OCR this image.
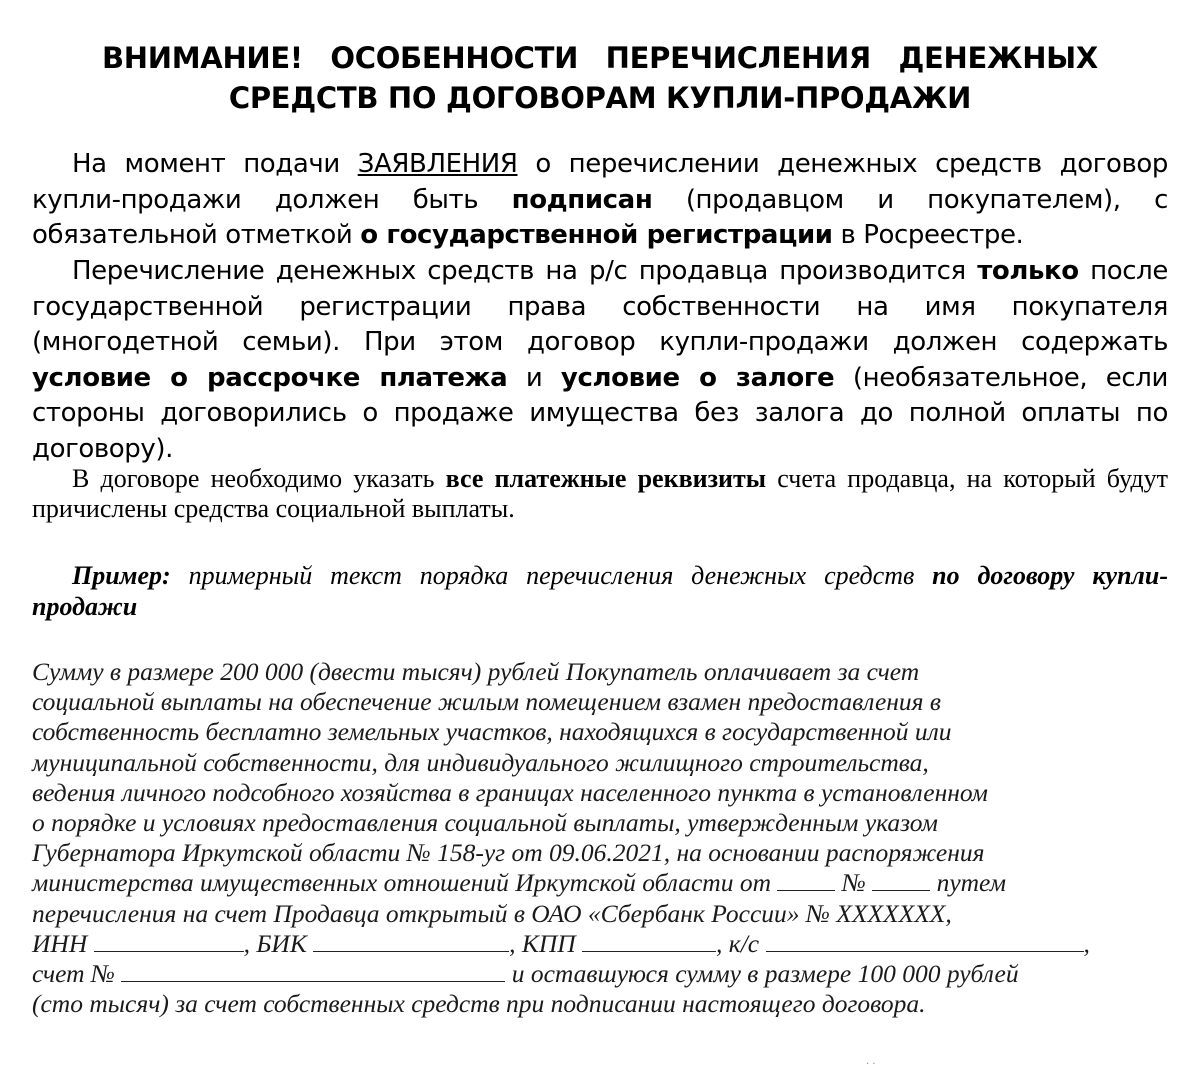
ВНИМАНИЕ! ОСОБЕННОСТИ ПЕРЕЧИСЛЕНИЯ ДЕНЕЖНЫХ
СРЕДСТВ ПО ДОГОВОРАМ КУПЛИ-ПРОДАЖИ
На момент подачи ЗАЯВЛЕНИЯ о перечислении денежных средств договор купли-продажи должен быть подписан (продавцом и покупателем), с обязательной отметкой о государственной регистрации в Росреестре.
Перечисление денежных средств на р/с продавца производится только после государственной регистрации права собственности на имя покупателя (многодетной семьи). При этом договор купли-продажи должен содержать условие о рассрочке платежа и условие о залоге (необязательное, если стороны договорились о продаже имущества без залога до полной оплаты по договору).
В договоре необходимо указать все платежные реквизиты счета продавца, на который будут причислены средства социальной выплаты.
Пример: примерный текст порядка перечисления денежных средств по договору купли-продажи
Сумму в размере 200 000 (двести тысяч) рублей Покупатель оплачивает за счет
социальной выплаты на обеспечение жилым помещением взамен предоставления в
собственность бесплатно земельных участков, находящихся в государственной или
муниципальной собственности, для индивидуального жилищного строительства,
ведения личного подсобного хозяйства в границах населенного пункта в установленном
о порядке и условиях предоставления социальной выплаты, утвержденным указом
Губернатора Иркутской области № 158-уг от 09.06.2021, на основании распоряжения
министерства имущественных отношений Иркутской области от  №  путем
перечисления на счет Продавца открытый в ОАО «Сбербанк России» № XXXXXXX,
ИНН	, БИК	, КПП	, к/с	,
счет №	и оставшуюся сумму в размере 100 000 рублей
(сто тысяч) за счет собственных средств при подписании настоящего договора.
. .
